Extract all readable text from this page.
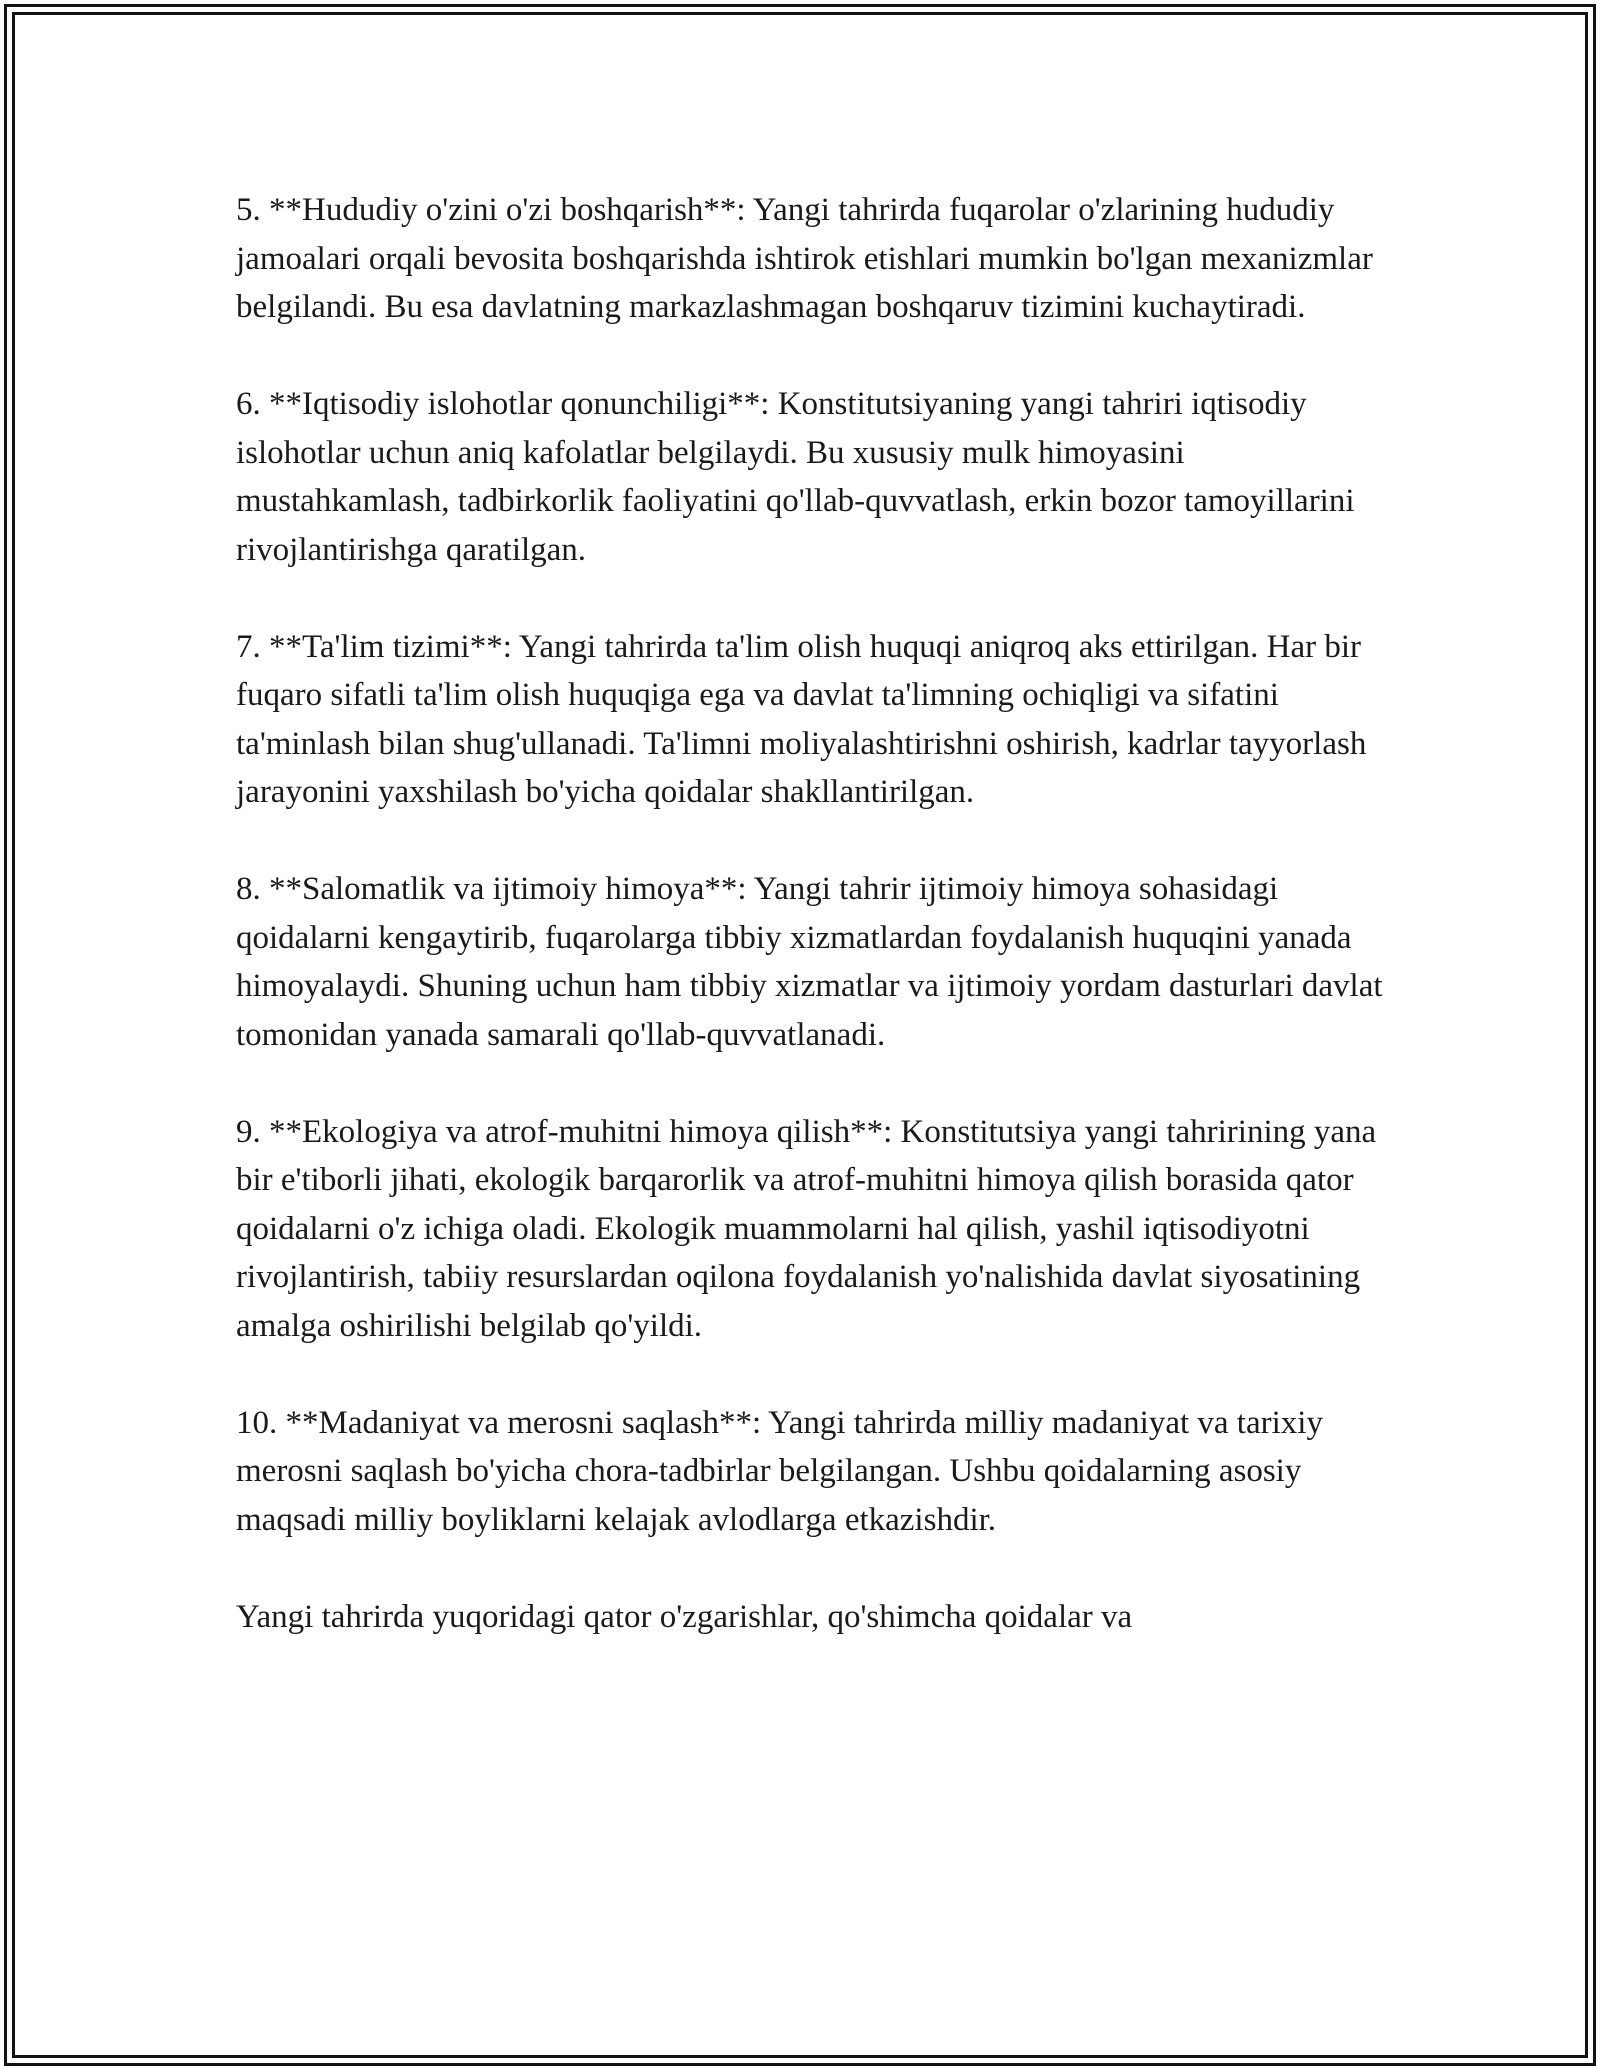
5. **Hududiy o'zini o'zi boshqarish**: Yangi tahrirda fuqarolar o'zlarining hududiy jamoalari orqali bevosita boshqarishda ishtirok etishlari mumkin bo'lgan mexanizmlar belgilandi. Bu esa davlatning markazlashmagan boshqaruv tizimini kuchaytiradi.

6. **Iqtisodiy islohotlar qonunchiligi**: Konstitutsiyaning yangi tahriri iqtisodiy islohotlar uchun aniq kafolatlar belgilaydi. Bu xususiy mulk himoyasini mustahkamlash, tadbirkorlik faoliyatini qo'llab-quvvatlash, erkin bozor tamoyillarini rivojlantirishga qaratilgan.

7. **Ta'lim tizimi**: Yangi tahrirda ta'lim olish huquqi aniqroq aks ettirilgan. Har bir fuqaro sifatli ta'lim olish huquqiga ega va davlat ta'limning ochiqligi va sifatini ta'minlash bilan shug'ullanadi. Ta'limni moliyalashtirishni oshirish, kadrlar tayyorlash jarayonini yaxshilash bo'yicha qoidalar shakllantirilgan.

8. **Salomatlik va ijtimoiy himoya**: Yangi tahrir ijtimoiy himoya sohasidagi qoidalarni kengaytirib, fuqarolarga tibbiy xizmatlardan foydalanish huquqini yanada himoyalaydi. Shuning uchun ham tibbiy xizmatlar va ijtimoiy yordam dasturlari davlat tomonidan yanada samarali qo'llab-quvvatlanadi.

9. **Ekologiya va atrof-muhitni himoya qilish**: Konstitutsiya yangi tahririning yana bir e'tiborli jihati, ekologik barqarorlik va atrof-muhitni himoya qilish borasida qator qoidalarni o'z ichiga oladi. Ekologik muammolarni hal qilish, yashil iqtisodiyotni rivojlantirish, tabiiy resurslardan oqilona foydalanish yo'nalishida davlat siyosatining amalga oshirilishi belgilab qo'yildi.

10. **Madaniyat va merosni saqlash**: Yangi tahrirda milliy madaniyat va tarixiy merosni saqlash bo'yicha chora-tadbirlar belgilangan. Ushbu qoidalarning asosiy maqsadi milliy boyliklarni kelajak avlodlarga etkazishdir.

Yangi tahrirda yuqoridagi qator o'zgarishlar, qo'shimcha qoidalar va
